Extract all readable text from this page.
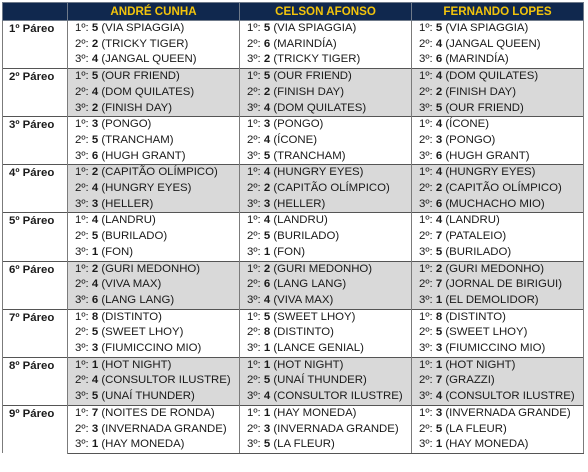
	ANDRÉ CUNHA	CELSON AFONSO	FERNANDO LOPES
1º Páreo	1º: 5 (VIA SPIAGGIA)	1º: 5 (VIA SPIAGGIA)	1º: 5 (VIA SPIAGGIA)
	2º: 2 (TRICKY TIGER)	2º: 6 (MARINDÍA)	2º: 4 (JANGAL QUEEN)
	3º: 4 (JANGAL QUEEN)	3º: 2 (TRICKY TIGER)	3º: 6 (MARINDÍA)
2º Páreo	1º: 5 (OUR FRIEND)	1º: 5 (OUR FRIEND)	1º: 4 (DOM QUILATES)
	2º: 4 (DOM QUILATES)	2º: 2 (FINISH DAY)	2º: 2 (FINISH DAY)
	3º: 2 (FINISH DAY)	3º: 4 (DOM QUILATES)	3º: 5 (OUR FRIEND)
3º Páreo	1º: 3 (PONGO)	1º: 3 (PONGO)	1º: 4 (ÍCONE)
	2º: 5 (TRANCHAM)	2º: 4 (ÍCONE)	2º: 3 (PONGO)
	3º: 6 (HUGH GRANT)	3º: 5 (TRANCHAM)	3º: 6 (HUGH GRANT)
4º Páreo	1º: 2 (CAPITÃO OLÍMPICO)	1º: 4 (HUNGRY EYES)	1º: 4 (HUNGRY EYES)
	2º: 4 (HUNGRY EYES)	2º: 2 (CAPITÃO OLÍMPICO)	2º: 2 (CAPITÃO OLÍMPICO)
	3º: 3 (HELLER)	3º: 3 (HELLER)	3º: 6 (MUCHACHO MIO)
5º Páreo	1º: 4 (LANDRU)	1º: 4 (LANDRU)	1º: 4 (LANDRU)
	2º: 5 (BURILADO)	2º: 5 (BURILADO)	2º: 7 (PATALEIO)
	3º: 1 (FON)	3º: 1 (FON)	3º: 5 (BURILADO)
6º Páreo	1º: 2 (GURI MEDONHO)	1º: 2 (GURI MEDONHO)	1º: 2 (GURI MEDONHO)
	2º: 4 (VIVA MAX)	2º: 6 (LANG LANG)	2º: 7 (JORNAL DE BIRIGUI)
	3º: 6 (LANG LANG)	3º: 4 (VIVA MAX)	3º: 1 (EL DEMOLIDOR)
7º Páreo	1º: 8 (DISTINTO)	1º: 5 (SWEET LHOY)	1º: 8 (DISTINTO)
	2º: 5 (SWEET LHOY)	2º: 8 (DISTINTO)	2º: 5 (SWEET LHOY)
	3º: 3 (FIUMICCINO MIO)	3º: 1 (LANCE GENIAL)	3º: 3 (FIUMICCINO MIO)
8º Páreo	1º: 1 (HOT NIGHT)	1º: 1 (HOT NIGHT)	1º: 1 (HOT NIGHT)
	2º: 4 (CONSULTOR ILUSTRE)	2º: 5 (UNAÍ THUNDER)	2º: 7 (GRAZZI)
	3º: 5 (UNAÍ THUNDER)	3º: 4 (CONSULTOR ILUSTRE)	3º: 4 (CONSULTOR ILUSTRE)
9º Páreo	1º: 7 (NOITES DE RONDA)	1º: 1 (HAY MONEDA)	1º: 3 (INVERNADA GRANDE)
	2º: 3 (INVERNADA GRANDE)	2º: 3 (INVERNADA GRANDE)	2º: 5 (LA FLEUR)
	3º: 1 (HAY MONEDA)	3º: 5 (LA FLEUR)	3º: 1 (HAY MONEDA)
